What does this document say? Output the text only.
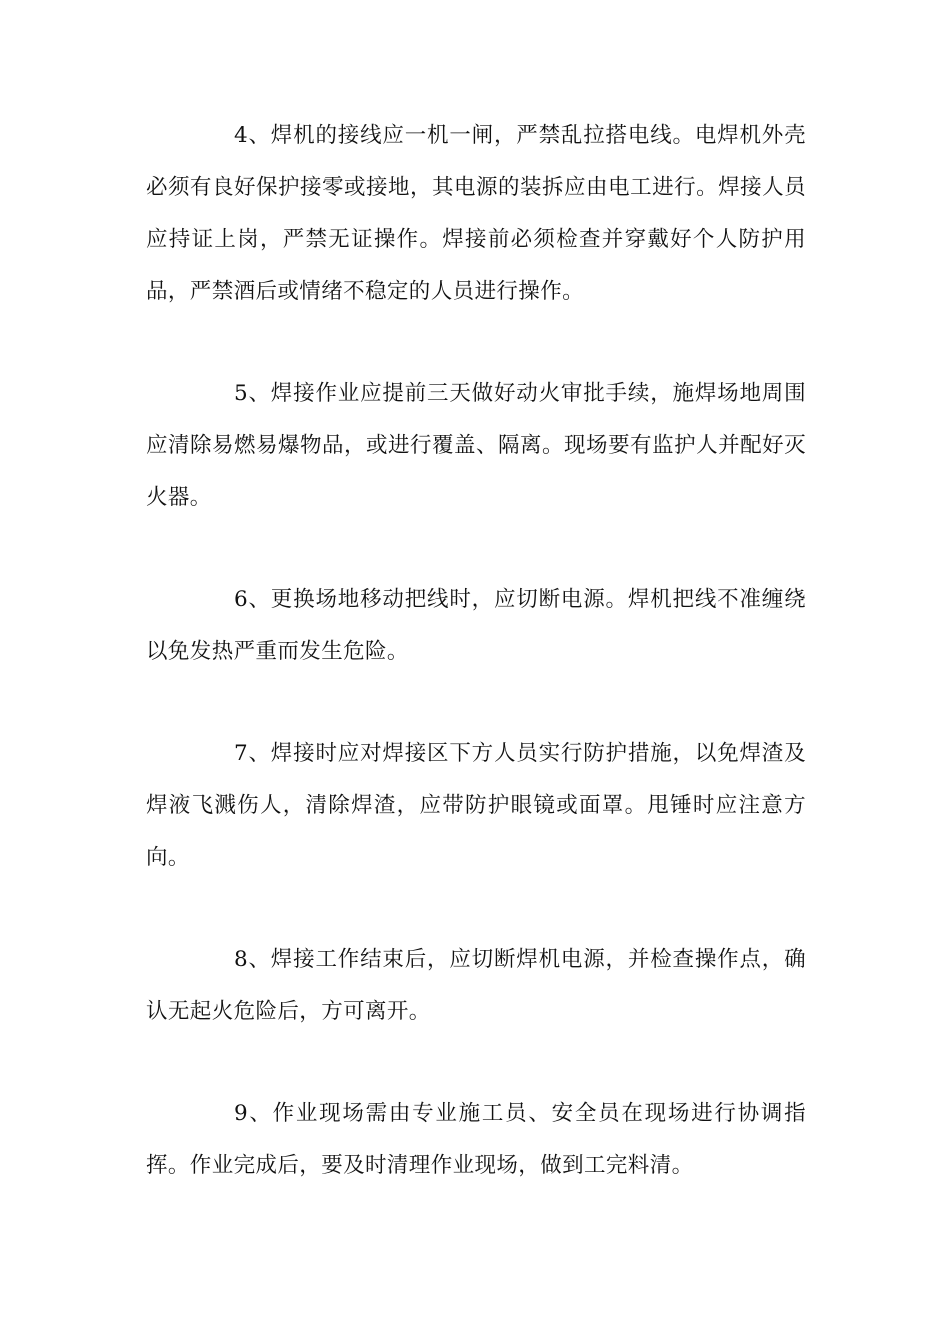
4、焊机的接线应一机一闸，严禁乱拉搭电线。电焊机外壳必须有良好保护接零或接地，其电源的装拆应由电工进行。焊接人员应持证上岗，严禁无证操作。焊接前必须检查并穿戴好个人防护用品，严禁酒后或情绪不稳定的人员进行操作。

5、焊接作业应提前三天做好动火审批手续，施焊场地周围应清除易燃易爆物品，或进行覆盖、隔离。现场要有监护人并配好灭火器。

6、更换场地移动把线时，应切断电源。焊机把线不准缠绕以免发热严重而发生危险。

7、焊接时应对焊接区下方人员实行防护措施，以免焊渣及焊液飞溅伤人，清除焊渣，应带防护眼镜或面罩。甩锤时应注意方向。

8、焊接工作结束后，应切断焊机电源，并检查操作点，确认无起火危险后，方可离开。

9、作业现场需由专业施工员、安全员在现场进行协调指挥。作业完成后，要及时清理作业现场，做到工完料清。
